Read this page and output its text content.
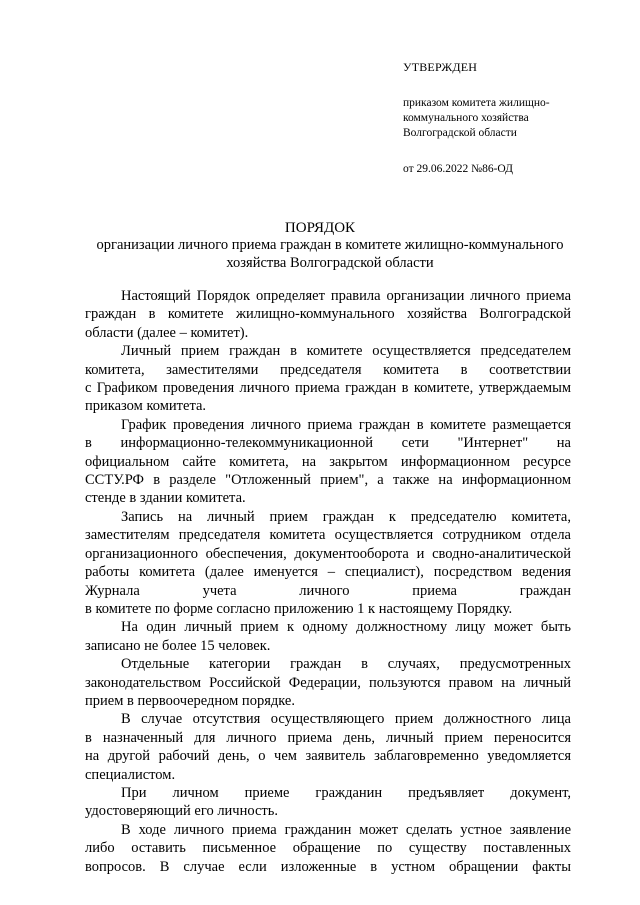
УТВЕРЖДЕН
приказом комитета жилищно-
коммунального хозяйства
Волгоградской области
от 29.06.2022 №86-ОД
ПОРЯДОК
организации личного приема граждан в комитете жилищно-коммунального
хозяйства Волгоградской области
Настоящий Порядок определяет правила организации личного приема
граждан в комитете жилищно-коммунального хозяйства Волгоградской
области (далее – комитет).
Личный прием граждан в комитете осуществляется председателем
комитета, заместителями председателя комитета в соответствии
с Графиком проведения личного приема граждан в комитете, утверждаемым
приказом комитета.
График проведения личного приема граждан в комитете размещается
в информационно-телекоммуникационной сети "Интернет" на
официальном сайте комитета, на закрытом информационном ресурсе
ССТУ.РФ в разделе "Отложенный прием", а также на информационном
стенде в здании комитета.
Запись на личный прием граждан к председателю комитета,
заместителям председателя комитета осуществляется сотрудником отдела
организационного обеспечения, документооборота и сводно-аналитической
работы комитета (далее именуется – специалист), посредством ведения
Журнала учета личного приема граждан
в комитете по форме согласно приложению 1 к настоящему Порядку.
На один личный прием к одному должностному лицу может быть
записано не более 15 человек.
Отдельные категории граждан в случаях, предусмотренных
законодательством Российской Федерации, пользуются правом на личный
прием в первоочередном порядке.
В случае отсутствия осуществляющего прием должностного лица
в назначенный для личного приема день, личный прием переносится
на другой рабочий день, о чем заявитель заблаговременно уведомляется
специалистом.
При личном приеме гражданин предъявляет документ,
удостоверяющий его личность.
В ходе личного приема гражданин может сделать устное заявление
либо оставить письменное обращение по существу поставленных
вопросов. В случае если изложенные в устном обращении факты
